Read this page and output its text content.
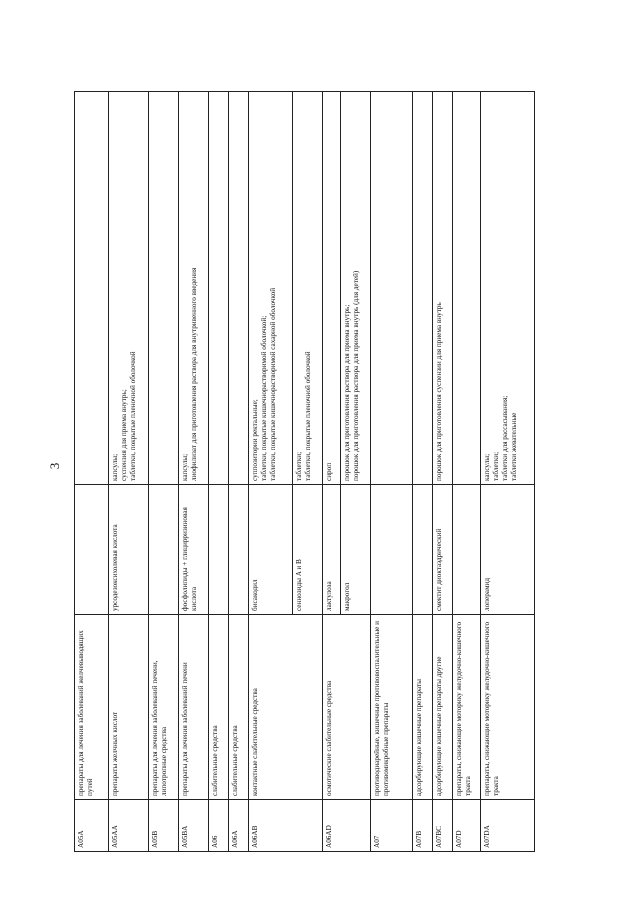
3
A05A	препараты для лечения заболеваний желчевыводящих путей		
A05AA	препараты желчных кислот	урсодезоксихолевая кислота	капсулы; суспензия для приема внутрь; таблетки, покрытые пленочной оболочкой

A05B	препараты для лечения заболеваний печени, липотропные средства		
A05BA	препараты для лечения заболеваний печени	фосфолипиды + глицирризиновая кислота	капсулы; лиофилизат для приготовления раствора для внутривенного введения

A06	слабительные средства		
A06A	слабительные средства		
A06AB	контактные слабительные средства	бисакодил	суппозитории ректальные; таблетки, покрытые кишечнорастворимой оболочкой; таблетки, покрытые кишечнорастворимой сахарной оболочкой

		сеннозиды A и B	таблетки; таблетки, покрытые пленочной оболочкой

A06AD	осмотические слабительные средства	лактулоза	сироп

		макрогол	порошок для приготовления раствора для приема внутрь; порошок для приготовления раствора для приема внутрь (для детей)

A07	противодиарейные, кишечные противовоспалительные и противомикробные препараты		
A07B	адсорбирующие кишечные препараты		
A07BC	адсорбирующие кишечные препараты другие	смектит диоктаэдрический	порошок для приготовления суспензии для приема внутрь

A07D	препараты, снижающие моторику желудочно-кишечного тракта		
A07DA	препараты, снижающие моторику желудочно-кишечного тракта	лоперамид	капсулы; таблетки; таблетки для рассасывания; таблетки жевательные
